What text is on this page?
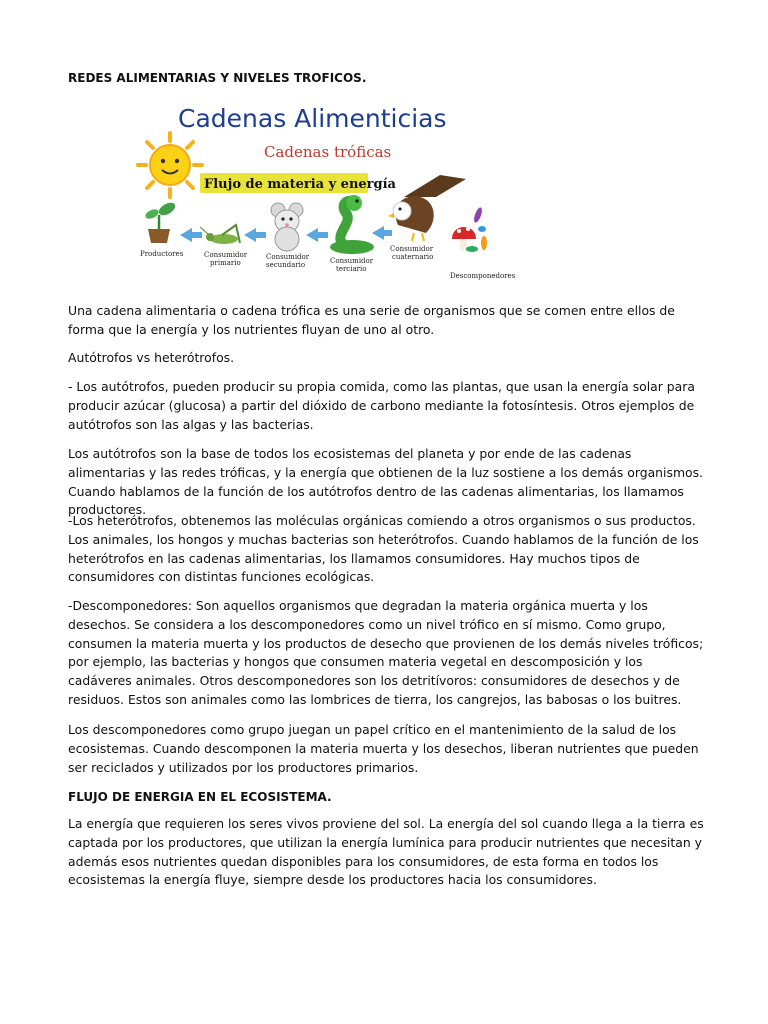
REDES ALIMENTARIAS Y NIVELES TROFICOS.

Cadenas Alimenticias
Cadenas tróficas
Flujo de materia y energía
Productores	Consumidor
primario
Consumidor
secundario	Consumidor
terciario
Consumidor
cuaternario
Descomponedores

Una cadena alimentaria o cadena trófica es una serie de organismos que se comen entre ellos de forma que la energía y los nutrientes fluyan de uno al otro.

Autótrofos vs heterótrofos.

- Los autótrofos, pueden producir su propia comida, como las plantas, que usan la energía solar para producir azúcar (glucosa) a partir del dióxido de carbono mediante la fotosíntesis. Otros ejemplos de autótrofos son las algas y las bacterias.

Los autótrofos son la base de todos los ecosistemas del planeta y por ende de las cadenas alimentarias y las redes tróficas, y la energía que obtienen de la luz sostiene a los demás organismos. Cuando hablamos de la función de los autótrofos dentro de las cadenas alimentarias, los llamamos productores.

-Los heterótrofos, obtenemos las moléculas orgánicas comiendo a otros organismos o sus productos. Los animales, los hongos y muchas bacterias son heterótrofos. Cuando hablamos de la función de los heterótrofos en las cadenas alimentarias, los llamamos consumidores. Hay muchos tipos de consumidores con distintas funciones ecológicas.

-Descomponedores: Son aquellos organismos que degradan la materia orgánica muerta y los desechos. Se considera a los descomponedores como un nivel trófico en sí mismo. Como grupo, consumen la materia muerta y los productos de desecho que provienen de los demás niveles tróficos; por ejemplo, las bacterias y hongos que consumen materia vegetal en descomposición y los cadáveres animales. Otros descomponedores son los detritívoros: consumidores de desechos y de residuos. Estos son animales como las lombrices de tierra, los cangrejos, las babosas o los buitres.

Los descomponedores como grupo juegan un papel crítico en el mantenimiento de la salud de los ecosistemas. Cuando descomponen la materia muerta y los desechos, liberan nutrientes que pueden ser reciclados y utilizados por los productores primarios.

FLUJO DE ENERGIA EN EL ECOSISTEMA.

La energía que requieren los seres vivos proviene del sol. La energía del sol cuando llega a la tierra es captada por los productores, que utilizan la energía lumínica para producir nutrientes que necesitan y además esos nutrientes quedan disponibles para los consumidores, de esta forma en todos los ecosistemas la energía fluye, siempre desde los productores hacia los consumidores.
